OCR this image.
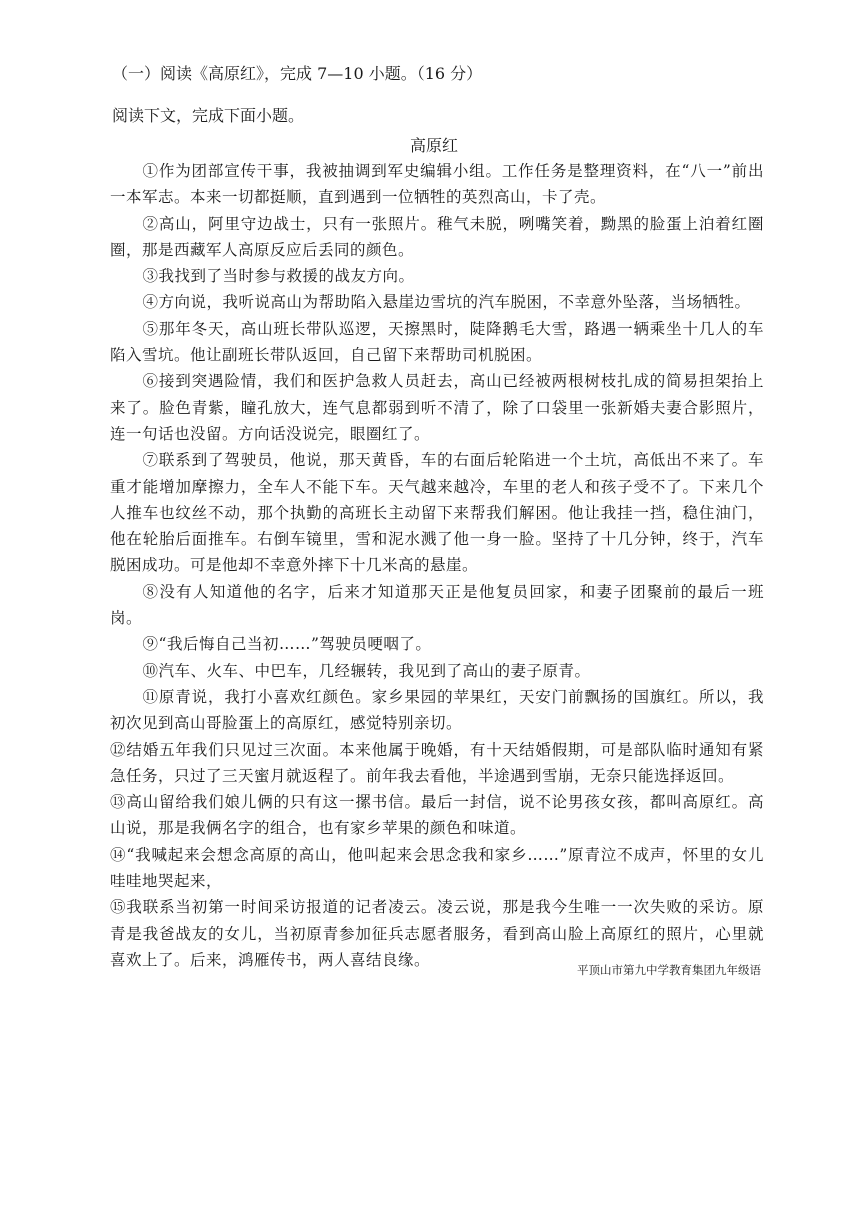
（一）阅读《高原红》，完成 7—10 小题。（16 分）
阅读下文，完成下面小题。
高原红

①作为团部宣传干事，我被抽调到军史编辑小组。工作任务是整理资料，在“八一”前出一本军志。本来一切都挺顺，直到遇到一位牺牲的英烈高山，卡了壳。

②高山，阿里守边战士，只有一张照片。稚气未脱，咧嘴笑着，黝黑的脸蛋上泊着红圈圈，那是西藏军人高原反应后丢同的颜色。

③我找到了当时参与救援的战友方向。

④方向说，我听说高山为帮助陷入悬崖边雪坑的汽车脱困，不幸意外坠落，当场牺牲。

⑤那年冬天，高山班长带队巡逻，天擦黑时，陡降鹅毛大雪，路遇一辆乘坐十几人的车陷入雪坑。他让副班长带队返回，自己留下来帮助司机脱困。

⑥接到突遇险情，我们和医护急救人员赶去，高山已经被两根树枝扎成的简易担架抬上来了。脸色青紫，瞳孔放大，连气息都弱到听不清了，除了口袋里一张新婚夫妻合影照片，连一句话也没留。方向话没说完，眼圈红了。

⑦联系到了驾驶员，他说，那天黄昏，车的右面后轮陷进一个土坑，高低出不来了。车重才能增加摩擦力，全车人不能下车。天气越来越冷，车里的老人和孩子受不了。下来几个人推车也纹丝不动，那个执勤的高班长主动留下来帮我们解困。他让我挂一挡，稳住油门，他在轮胎后面推车。右倒车镜里，雪和泥水溅了他一身一脸。坚持了十几分钟，终于，汽车脱困成功。可是他却不幸意外摔下十几米高的悬崖。

⑧没有人知道他的名字，后来才知道那天正是他复员回家，和妻子团聚前的最后一班岗。

⑨“我后悔自己当初……”驾驶员哽咽了。

⑩汽车、火车、中巴车，几经辗转，我见到了高山的妻子原青。

⑪原青说，我打小喜欢红颜色。家乡果园的苹果红，天安门前飘扬的国旗红。所以，我初次见到高山哥脸蛋上的高原红，感觉特别亲切。

⑫结婚五年我们只见过三次面。本来他属于晚婚，有十天结婚假期，可是部队临时通知有紧急任务，只过了三天蜜月就返程了。前年我去看他，半途遇到雪崩，无奈只能选择返回。

⑬高山留给我们娘儿俩的只有这一摞书信。最后一封信，说不论男孩女孩，都叫高原红。高山说，那是我俩名字的组合，也有家乡苹果的颜色和味道。

⑭“我喊起来会想念高原的高山，他叫起来会思念我和家乡……”原青泣不成声，怀里的女儿哇哇地哭起来，

⑮我联系当初第一时间采访报道的记者凌云。凌云说，那是我今生唯一一次失败的采访。原青是我爸战友的女儿，当初原青参加征兵志愿者服务，看到高山脸上高原红的照片，心里就喜欢上了。后来，鸿雁传书，两人喜结良缘。

平顶山市第九中学教育集团九年级语
